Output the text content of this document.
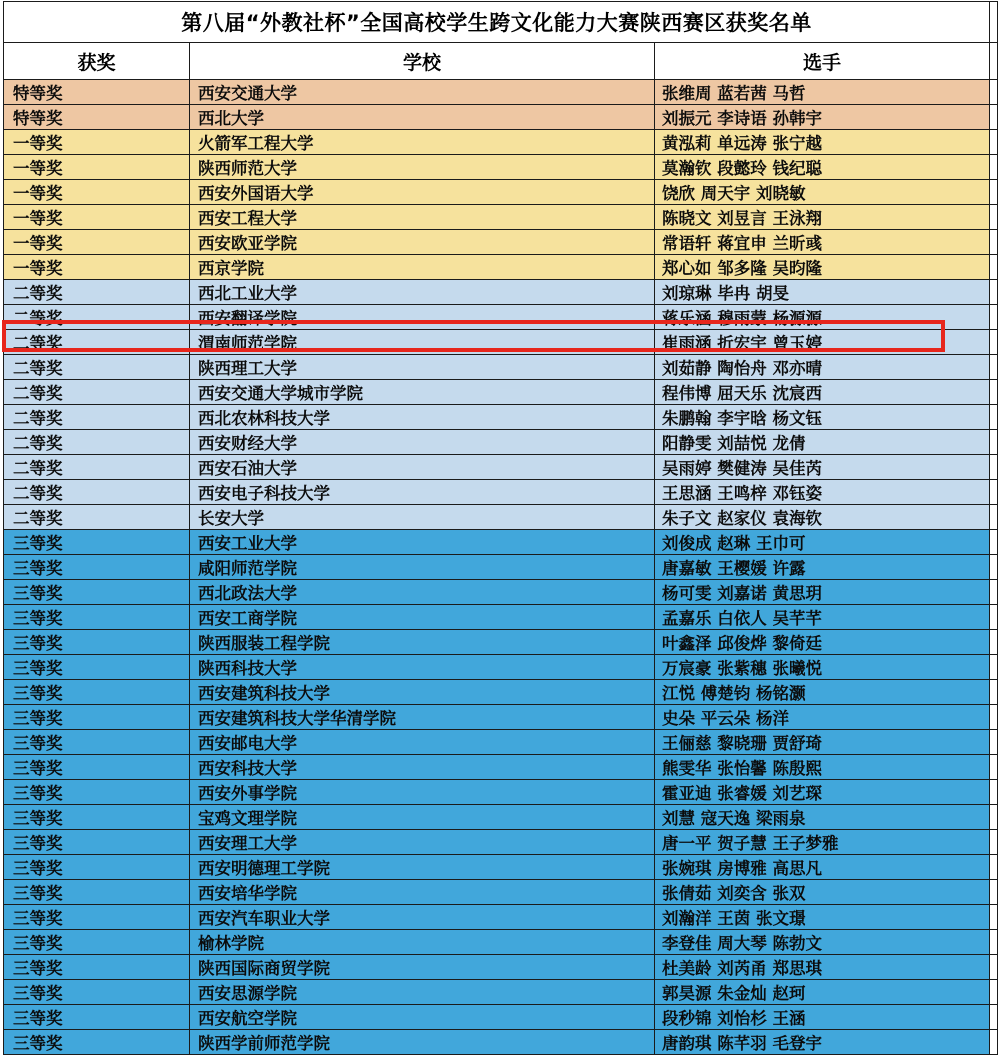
第八届“外教社杯”全国高校学生跨文化能力大赛陕西赛区获奖名单			
获奖	学校	选手	
特等奖	西安交通大学	张维周 蓝若茜 马哲	
特等奖	西北大学	刘振元 李诗语 孙韩宇	
一等奖	火箭军工程大学	黄泓莉 单远涛 张宁越	
一等奖	陕西师范大学	莫瀚钦 段懿玲 钱纪聪	
一等奖	西安外国语大学	饶欣 周天宇 刘晓敏	
一等奖	西安工程大学	陈晓文 刘昱言 王泳翔	
一等奖	西安欧亚学院	常语轩 蒋宜申 兰昕彧	
一等奖	西京学院	郑心如 邹多隆 吴昀隆	
二等奖	西北工业大学	刘琼琳 毕冉 胡旻	
二等奖	西安翻译学院	蒋乐涵 穆雨蒙 杨源源	
二等奖	渭南师范学院	崔雨涵 折宏宇 曾玉婷	
二等奖	陕西理工大学	刘茹静 陶怡舟 邓亦晴	
二等奖	西安交通大学城市学院	程伟博 屈天乐 沈宸西	
二等奖	西北农林科技大学	朱鹏翰 李宇晗 杨文钰	
二等奖	西安财经大学	阳静雯 刘喆悦 龙倩	
二等奖	西安石油大学	吴雨婷 樊健涛 吴佳芮	
二等奖	西安电子科技大学	王思涵 王鸣梓 邓钰姿	
二等奖	长安大学	朱子文 赵家仪 袁海钦	
三等奖	西安工业大学	刘俊成 赵琳 王巾可	
三等奖	咸阳师范学院	唐嘉敏 王樱媛 许露	
三等奖	西北政法大学	杨可雯 刘嘉诺 黄思玥	
三等奖	西安工商学院	孟嘉乐 白依人 吴芊芊	
三等奖	陕西服装工程学院	叶鑫泽 邱俊烨 黎倚廷	
三等奖	陕西科技大学	万宸豪 张紫穗 张曦悦	
三等奖	西安建筑科技大学	江悦 傅楚钧 杨铭灏	
三等奖	西安建筑科技大学华清学院	史朵 平云朵 杨洋	
三等奖	西安邮电大学	王俪慈 黎晓珊 贾舒琦	
三等奖	西安科技大学	熊雯华 张怡馨 陈殷熙	
三等奖	西安外事学院	霍亚迪 张睿媛 刘艺琛	
三等奖	宝鸡文理学院	刘慧 寇天逸 梁雨泉	
三等奖	西安理工大学	唐一平 贺子慧 王子梦雅	
三等奖	西安明德理工学院	张婉琪 房博雅 高思凡	
三等奖	西安培华学院	张倩茹 刘奕含 张双	
三等奖	西安汽车职业大学	刘瀚洋 王茵 张文璟	
三等奖	榆林学院	李登佳 周大琴 陈勃文	
三等奖	陕西国际商贸学院	杜美龄 刘芮甬 郑思琪	
三等奖	西安思源学院	郭昊源 朱金灿 赵珂	
三等奖	西安航空学院	段秒锦 刘怡杉 王涵	
三等奖	陕西学前师范学院	唐韵琪 陈芊羽 毛登宇	
